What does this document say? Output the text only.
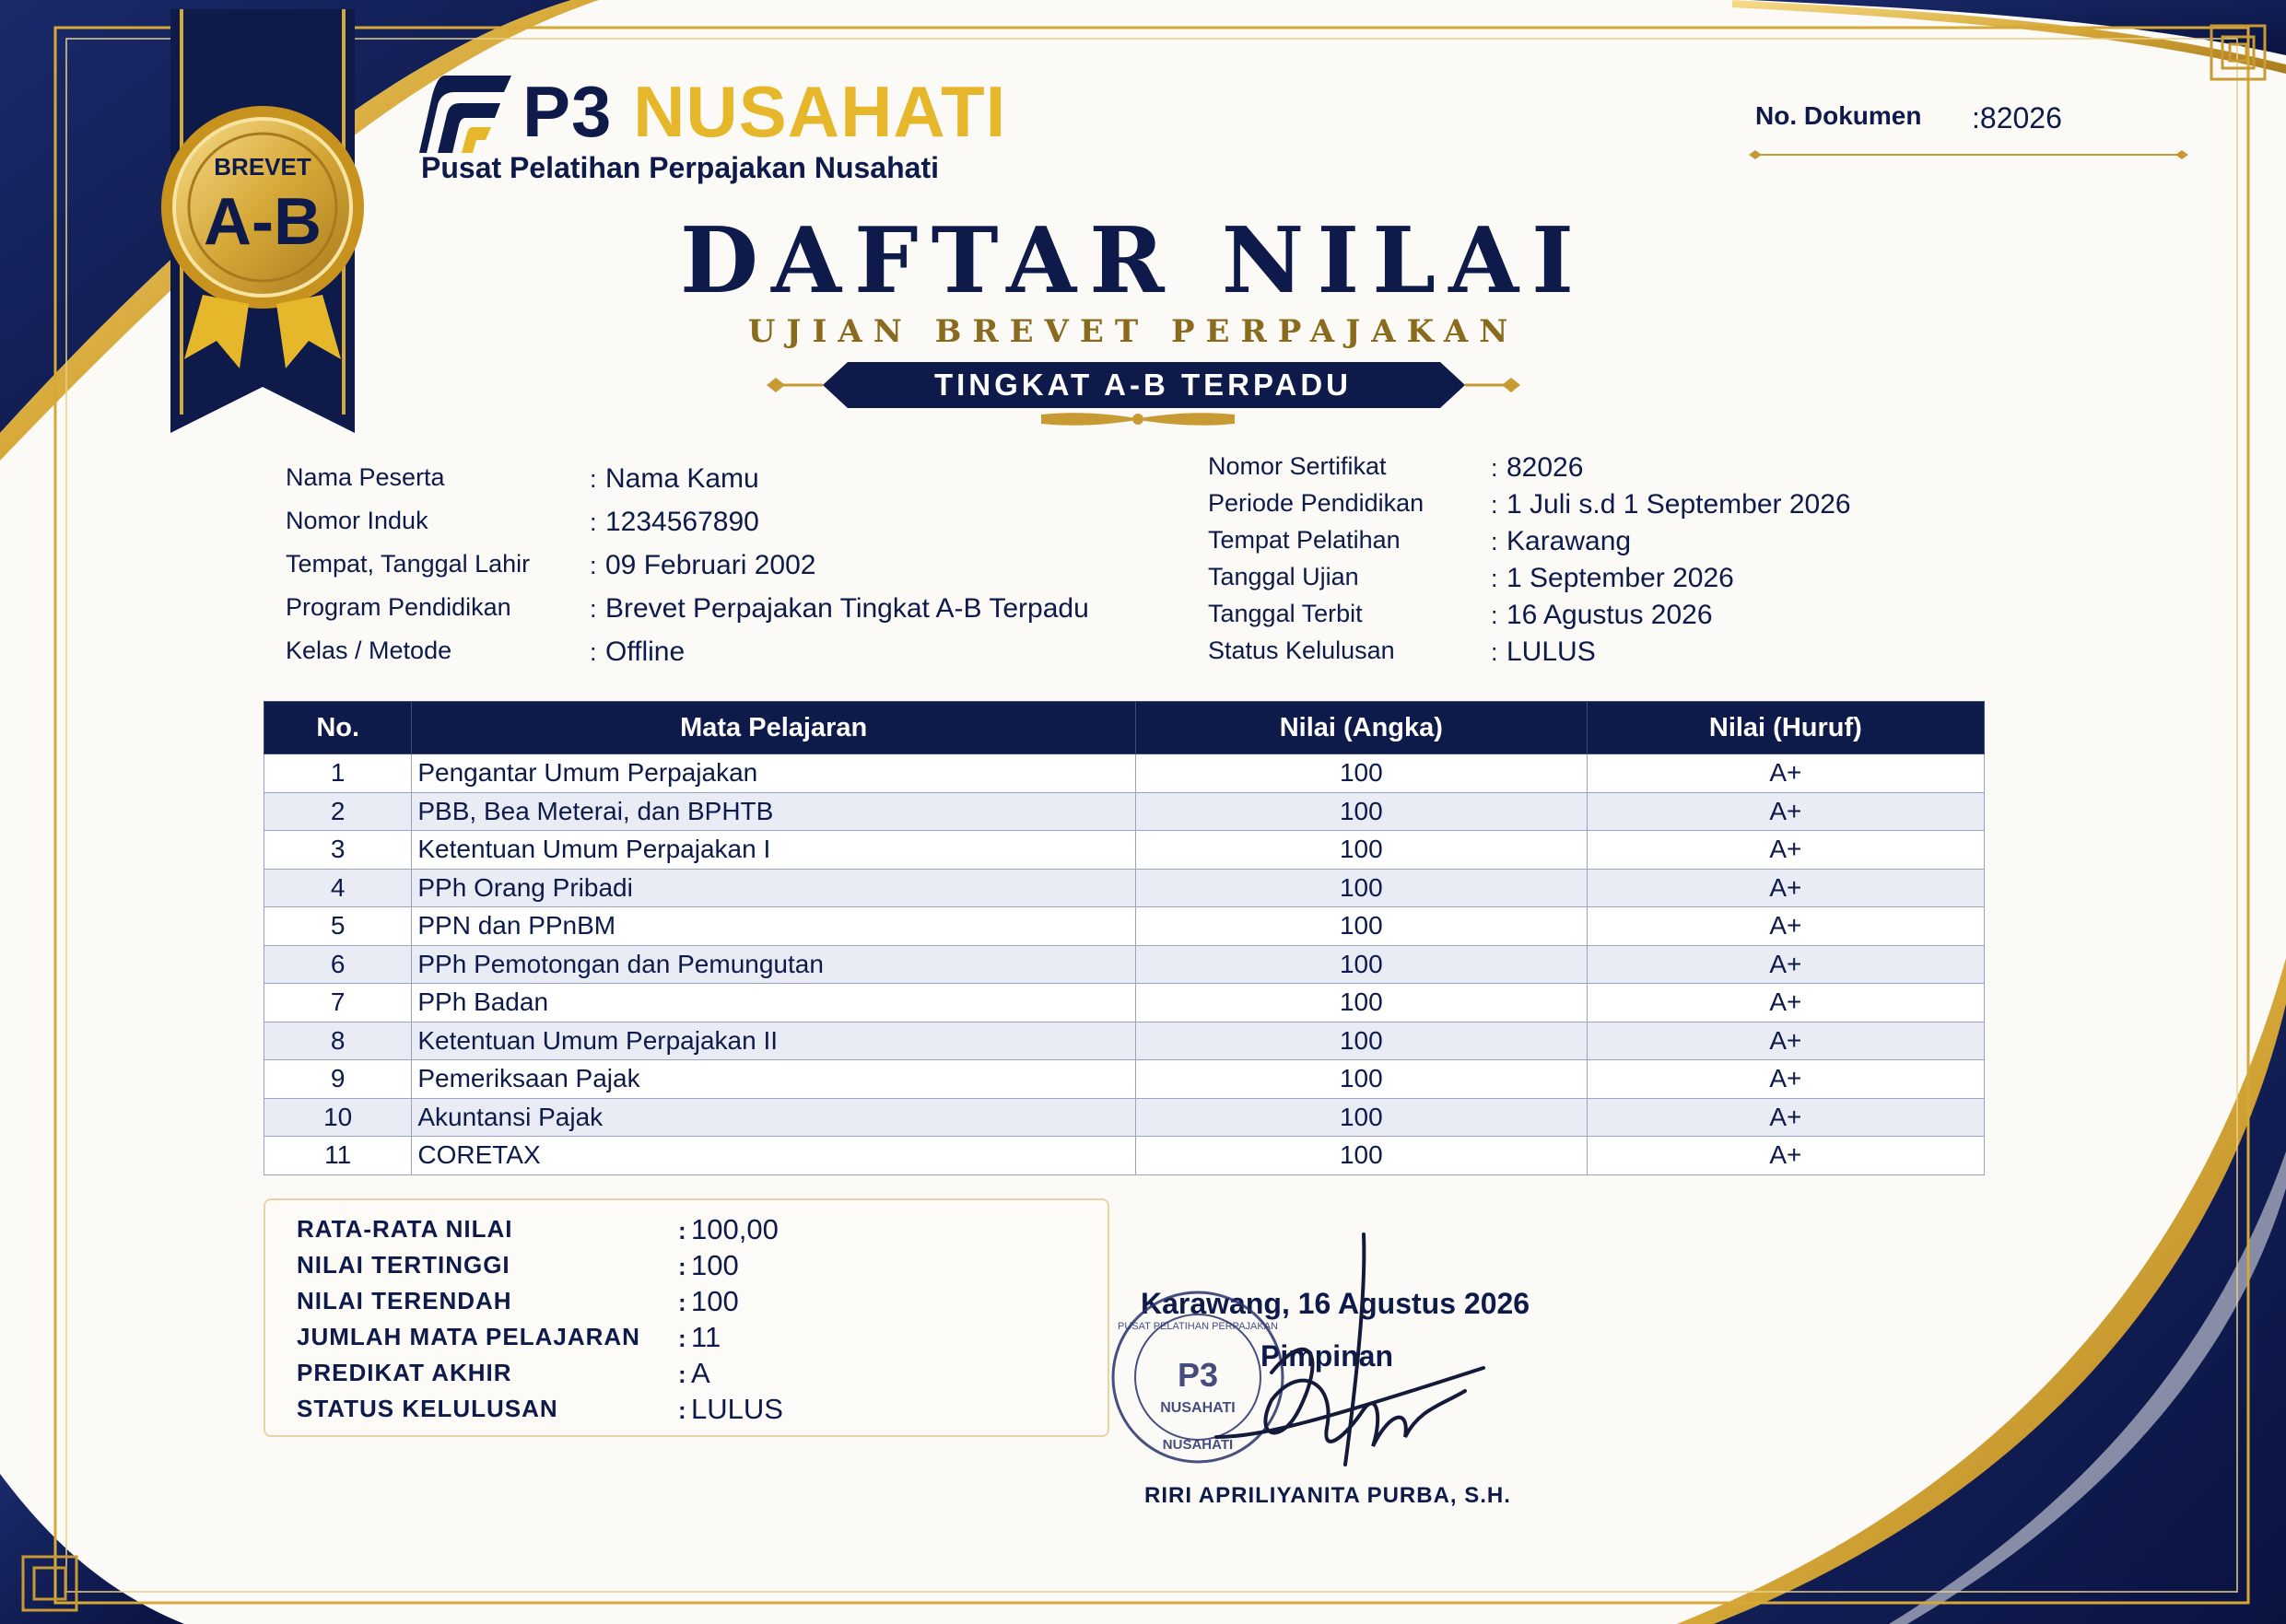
BREVET
A-B
P3 NUSAHATI
Pusat Pelatihan Perpajakan Nusahati
No. Dokumen :82026
DAFTAR NILAI
UJIAN BREVET PERPAJAKAN
TINGKAT A-B TERPADU
Nama Peserta	: Nama Kamu
Nomor Induk	: 1234567890
Tempat, Tanggal Lahir : 09 Februari 2002
Program Pendidikan	: Brevet Perpajakan Tingkat A-B Terpadu
Kelas / Metode	: Offline
Nomor Sertifikat	: 82026
Periode Pendidikan	: 1 Juli s.d 1 September 2026
Tempat Pelatihan	: Karawang
Tanggal Ujian	: 1 September 2026
Tanggal Terbit	: 16 Agustus 2026
Status Kelulusan	: LULUS
No.	Mata Pelajaran	Nilai (Angka)	Nilai (Huruf)
1	Pengantar Umum Perpajakan	100	A+
2	PBB, Bea Meterai, dan BPHTB	100	A+
3	Ketentuan Umum Perpajakan I	100	A+
4	PPh Orang Pribadi	100	A+
5	PPN dan PPnBM	100	A+
6	PPh Pemotongan dan Pemungutan	100	A+
7	PPh Badan	100	A+
8	Ketentuan Umum Perpajakan II	100	A+
9	Pemeriksaan Pajak	100	A+
10	Akuntansi Pajak	100	A+
11	CORETAX	100	A+
RATA-RATA NILAI	: 100,00
NILAI TERTINGGI	: 100
NILAI TERENDAH	: 100
JUMLAH MATA PELAJARAN : 11
PREDIKAT AKHIR	: A
STATUS KELULUSAN	: LULUS
Karawang, 16 Agustus 2026
Pimpinan
P3
NUSAHATI
PUSAT PELATIHAN PERPAJAKAN
NUSAHATI
RIRI APRILIYANITA PURBA, S.H.
